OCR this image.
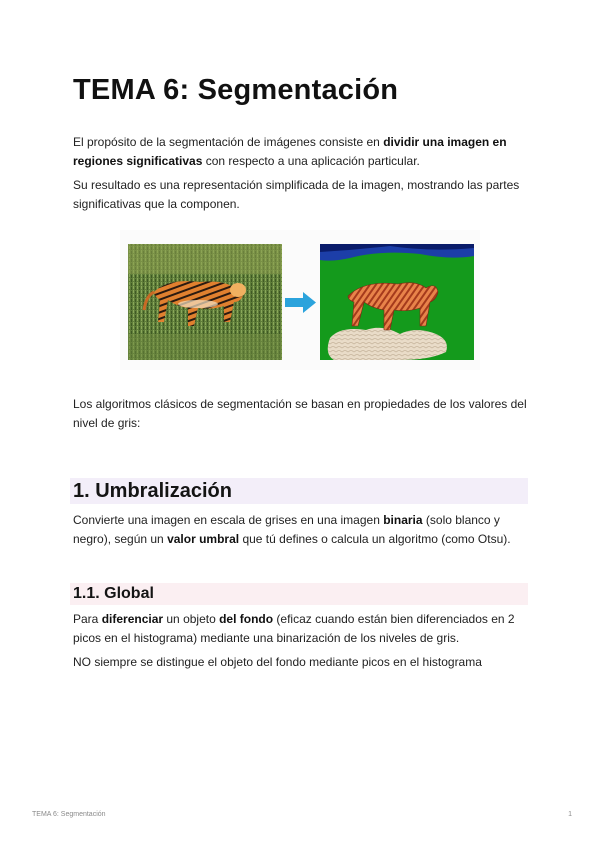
TEMA 6: Segmentación

El propósito de la segmentación de imágenes consiste en dividir una imagen en regiones significativas con respecto a una aplicación particular.

Su resultado es una representación simplificada de la imagen, mostrando las partes significativas que la componen.

Los algoritmos clásicos de segmentación se basan en propiedades de los valores del nivel de gris:

1. Umbralización

Convierte una imagen en escala de grises en una imagen binaria (solo blanco y negro), según un valor umbral que tú defines o calcula un algoritmo (como Otsu).

1.1. Global

Para diferenciar un objeto del fondo (eficaz cuando están bien diferenciados en 2 picos en el histograma) mediante una binarización de los niveles de gris.

NO siempre se distingue el objeto del fondo mediante picos en el histograma

TEMA 6: Segmentación	1
